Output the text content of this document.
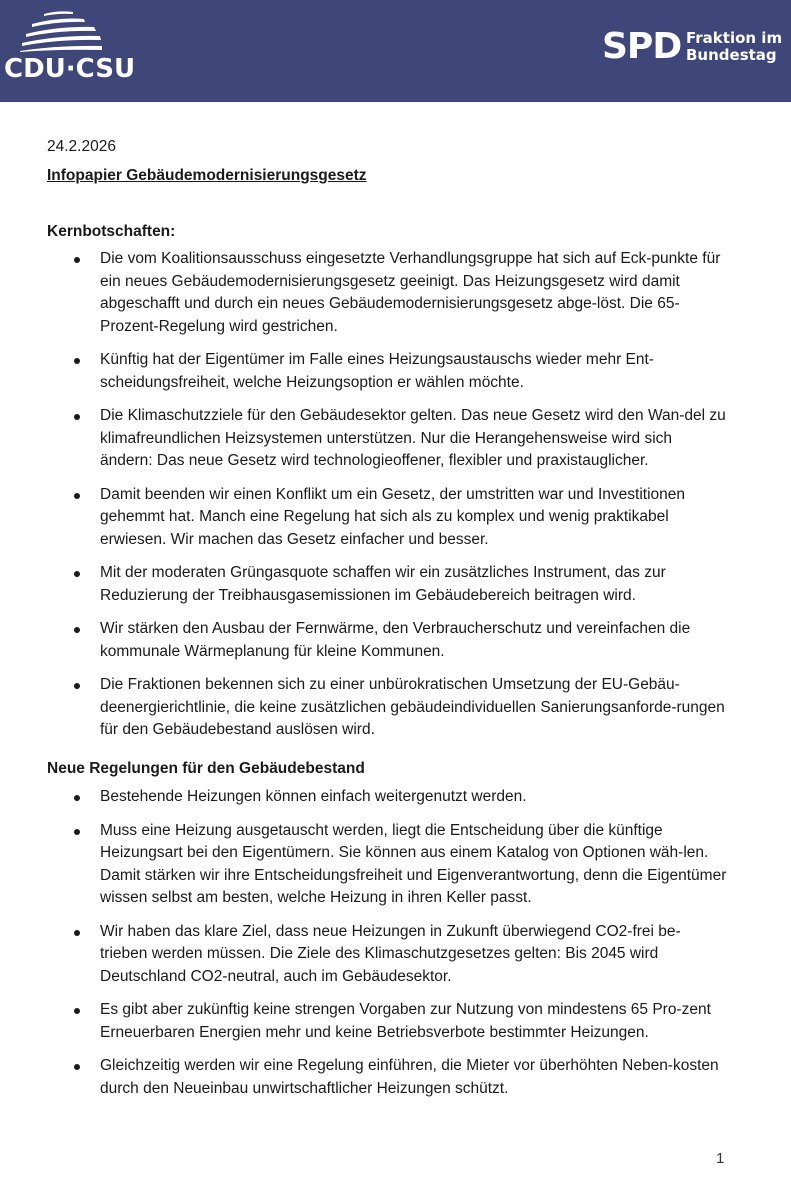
CDU·CSU
SPD Fraktion im
Bundestag
24.2.2026
Infopapier Gebäudemodernisierungsgesetz
Kernbotschaften:
Die vom Koalitionsausschuss eingesetzte Verhandlungsgruppe hat sich auf Eck-punkte für ein neues Gebäudemodernisierungsgesetz geeinigt. Das Heizungsgesetz wird damit abgeschafft und durch ein neues Gebäudemodernisierungsgesetz abge-löst. Die 65-Prozent-Regelung wird gestrichen.
Künftig hat der Eigentümer im Falle eines Heizungsaustauschs wieder mehr Ent-scheidungsfreiheit, welche Heizungsoption er wählen möchte.
Die Klimaschutzziele für den Gebäudesektor gelten. Das neue Gesetz wird den Wan-del zu klimafreundlichen Heizsystemen unterstützen. Nur die Herangehensweise wird sich ändern: Das neue Gesetz wird technologieoffener, flexibler und praxistauglicher.
Damit beenden wir einen Konflikt um ein Gesetz, der umstritten war und Investitionen gehemmt hat. Manch eine Regelung hat sich als zu komplex und wenig praktikabel erwiesen. Wir machen das Gesetz einfacher und besser.
Mit der moderaten Grüngasquote schaffen wir ein zusätzliches Instrument, das zur Reduzierung der Treibhausgasemissionen im Gebäudebereich beitragen wird.
Wir stärken den Ausbau der Fernwärme, den Verbraucherschutz und vereinfachen die kommunale Wärmeplanung für kleine Kommunen.
Die Fraktionen bekennen sich zu einer unbürokratischen Umsetzung der EU-Gebäu-deenergierichtlinie, die keine zusätzlichen gebäudeindividuellen Sanierungsanforde-rungen für den Gebäudebestand auslösen wird.
Neue Regelungen für den Gebäudebestand
Bestehende Heizungen können einfach weitergenutzt werden.
Muss eine Heizung ausgetauscht werden, liegt die Entscheidung über die künftige Heizungsart bei den Eigentümern. Sie können aus einem Katalog von Optionen wäh-len. Damit stärken wir ihre Entscheidungsfreiheit und Eigenverantwortung, denn die Eigentümer wissen selbst am besten, welche Heizung in ihren Keller passt.
Wir haben das klare Ziel, dass neue Heizungen in Zukunft überwiegend CO2-frei be-trieben werden müssen. Die Ziele des Klimaschutzgesetzes gelten: Bis 2045 wird Deutschland CO2-neutral, auch im Gebäudesektor.
Es gibt aber zukünftig keine strengen Vorgaben zur Nutzung von mindestens 65 Pro-zent Erneuerbaren Energien mehr und keine Betriebsverbote bestimmter Heizungen.
Gleichzeitig werden wir eine Regelung einführen, die Mieter vor überhöhten Neben-kosten durch den Neueinbau unwirtschaftlicher Heizungen schützt.
1
